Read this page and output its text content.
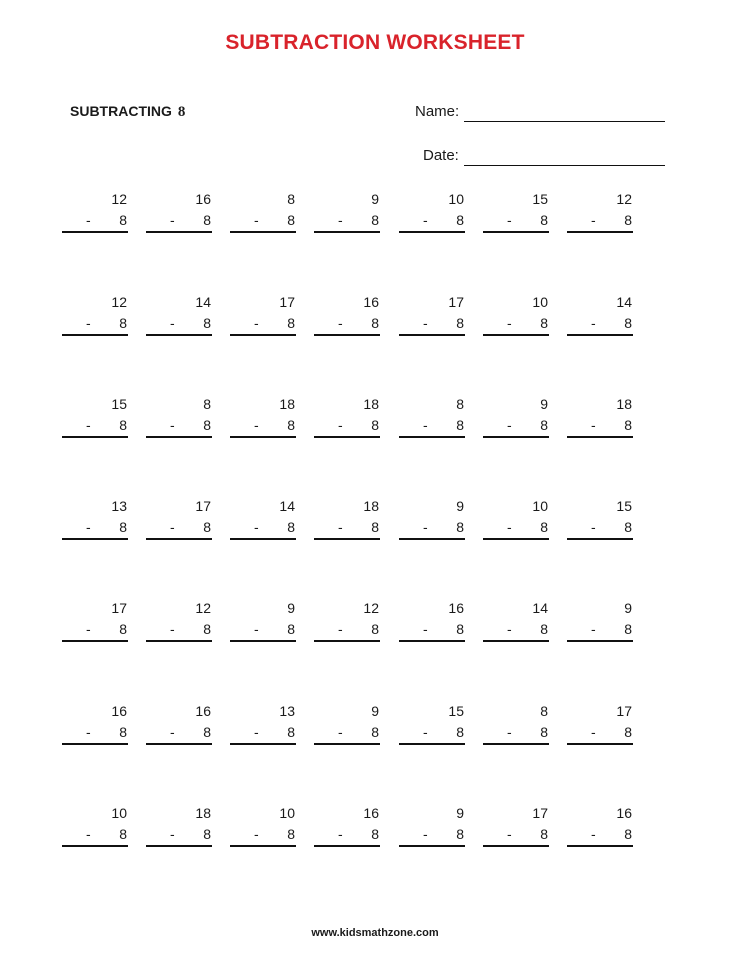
SUBTRACTION WORKSHEET
SUBTRACTING 8	Name:
Date:
12
- 8
16
- 8
8
- 8
9
- 8
10
- 8
15
- 8
12
- 8
12
- 8
14
- 8
17
- 8
16
- 8
17
- 8
10
- 8
14
- 8
15
- 8
8
- 8
18
- 8
18
- 8
8
- 8
9
- 8
18
- 8
13
- 8
17
- 8
14
- 8
18
- 8
9
- 8
10
- 8
15
- 8
17
- 8
12
- 8
9
- 8
12
- 8
16
- 8
14
- 8
9
- 8
16
- 8
16
- 8
13
- 8
9
- 8
15
- 8
8
- 8
17
- 8
10
- 8
18
- 8
10
- 8
16
- 8
9
- 8
17
- 8
16
- 8
www.kidsmathzone.com
